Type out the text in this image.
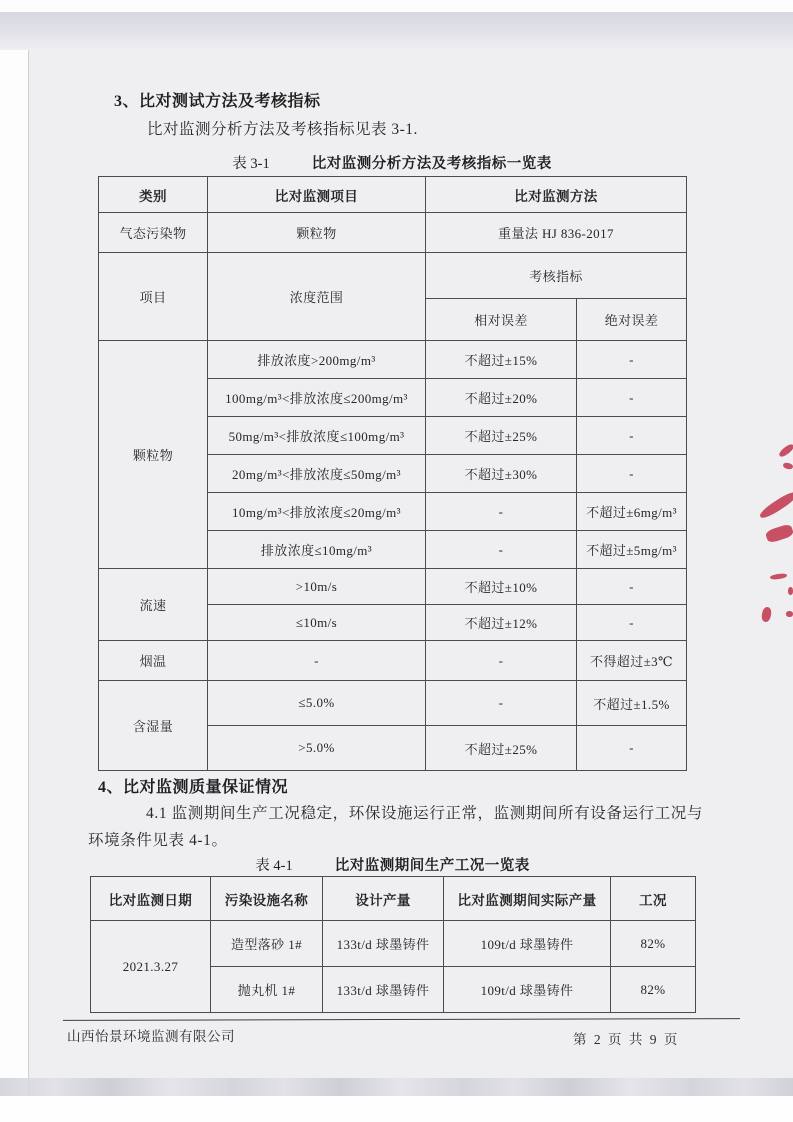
3、比对测试方法及考核指标
比对监测分析方法及考核指标见表 3-1.
表 3-1	比对监测分析方法及考核指标一览表
类别	比对监测项目	比对监测方法	
气态污染物	颗粒物	重量法 HJ 836-2017	
项目	浓度范围	考核指标	
		相对误差	绝对误差
颗粒物	排放浓度>200mg/m³	不超过±15%	-
	100mg/m³<排放浓度≤200mg/m³	不超过±20%	-
	50mg/m³<排放浓度≤100mg/m³	不超过±25%	-
	20mg/m³<排放浓度≤50mg/m³	不超过±30%	-
	10mg/m³<排放浓度≤20mg/m³	-	不超过±6mg/m³
	排放浓度≤10mg/m³	-	不超过±5mg/m³
流速	>10m/s	不超过±10%	-
	≤10m/s	不超过±12%	-
烟温	-	-	不得超过±3℃
含湿量	≤5.0%	-	不超过±1.5%
	>5.0%	不超过±25%	-
4、比对监测质量保证情况
4.1 监测期间生产工况稳定，环保设施运行正常，监测期间所有设备运行工况与环境条件见表 4-1。
表 4-1	比对监测期间生产工况一览表
比对监测日期	污染设施名称	设计产量	比对监测期间实际产量	工况
2021.3.27	造型落砂 1#	133t/d 球墨铸件	109t/d 球墨铸件	82%
	抛丸机 1#	133t/d 球墨铸件	109t/d 球墨铸件	82%
山西怡景环境监测有限公司	第 2 页 共 9 页
